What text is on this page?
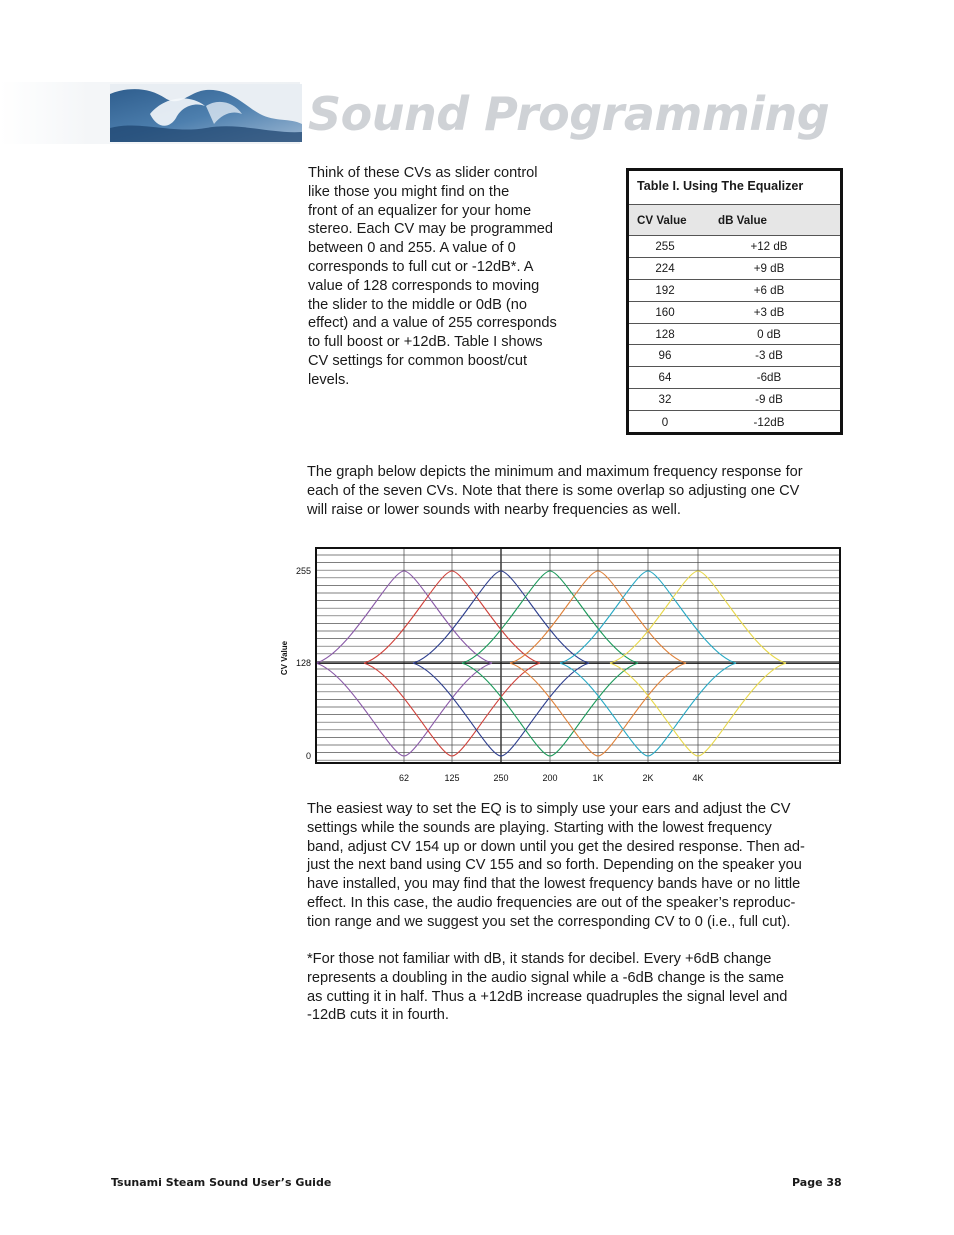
Sound Programming

Think of these CVs as slider control
like those you might find on the
front of an equalizer for your home
stereo. Each CV may be programmed
between 0 and 255. A value of 0
corresponds to full cut or -12dB*. A
value of 128 corresponds to moving
the slider to the middle or 0dB (no
effect) and a value of 255 corresponds
to full boost or +12dB. Table I shows
CV settings for common boost/cut
levels.

Table I. Using The Equalizer
CV Value	dB Value
255	+12 dB
224	+9 dB
192	+6 dB
160	+3 dB
128	0 dB
96	-3 dB
64	-6dB
32	-9 dB
0	-12dB

The graph below depicts the minimum and maximum frequency response for
each of the seven CVs. Note that there is some overlap so adjusting one CV
will raise or lower sounds with nearby frequencies as well.

255
128
0
62	125	250	200	1K	2K	4K
CV Value

The easiest way to set the EQ is to simply use your ears and adjust the CV
settings while the sounds are playing. Starting with the lowest frequency
band, adjust CV 154 up or down until you get the desired response. Then ad-
just the next band using CV 155 and so forth. Depending on the speaker you
have installed, you may find that the lowest frequency bands have or no little
effect. In this case, the audio frequencies are out of the speaker’s reproduc-
tion range and we suggest you set the corresponding CV to 0 (i.e., full cut).

*For those not familiar with dB, it stands for decibel. Every +6dB change
represents a doubling in the audio signal while a -6dB change is the same
as cutting it in half. Thus a +12dB increase quadruples the signal level and
-12dB cuts it in fourth.

Tsunami Steam Sound User’s Guide	Page 38
